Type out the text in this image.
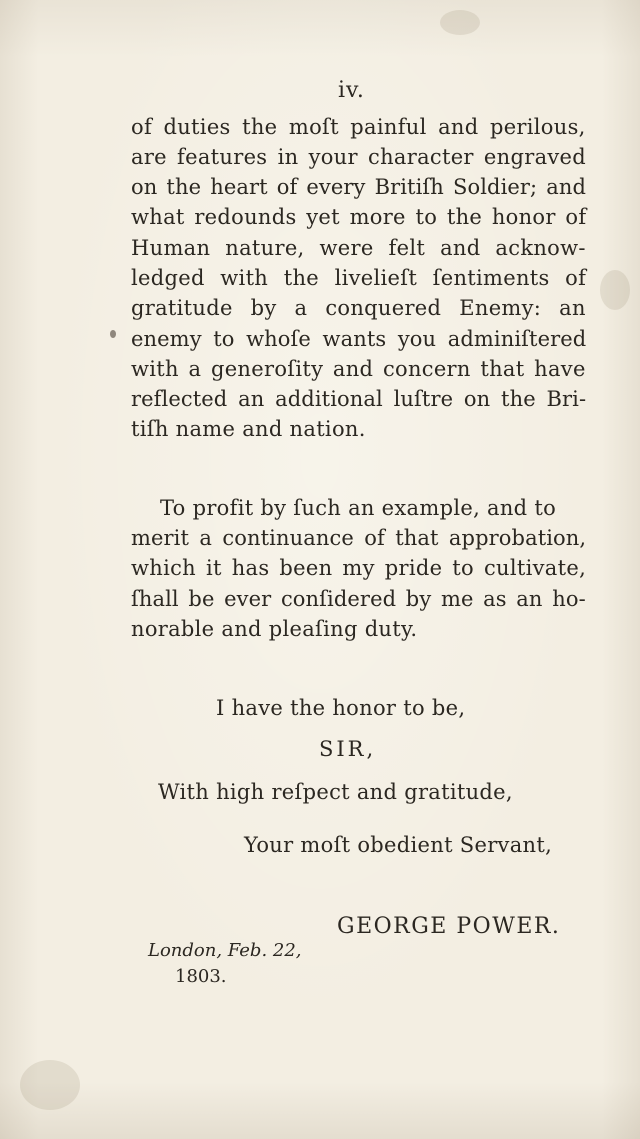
iv.
of duties the moſt painful and perilous,
are features in your character engraved
on the heart of every Britiſh Soldier; and
what redounds yet more to the honor of
Human nature, were felt and acknow-
ledged with the livelieſt ſentiments of
gratitude by a conquered Enemy: an
enemy to whoſe wants you adminiſtered
with a generoſity and concern that have
reflected an additional luſtre on the Bri-
tiſh name and nation.
To profit by ſuch an example, and to
merit a continuance of that approbation,
which it has been my pride to cultivate,
ſhall be ever conſidered by me as an ho-
norable and pleaſing duty.
I have the honor to be,
SIR,
With high reſpect and gratitude,
Your moſt obedient Servant,
GEORGE POWER.
London, Feb. 22,
1803.
